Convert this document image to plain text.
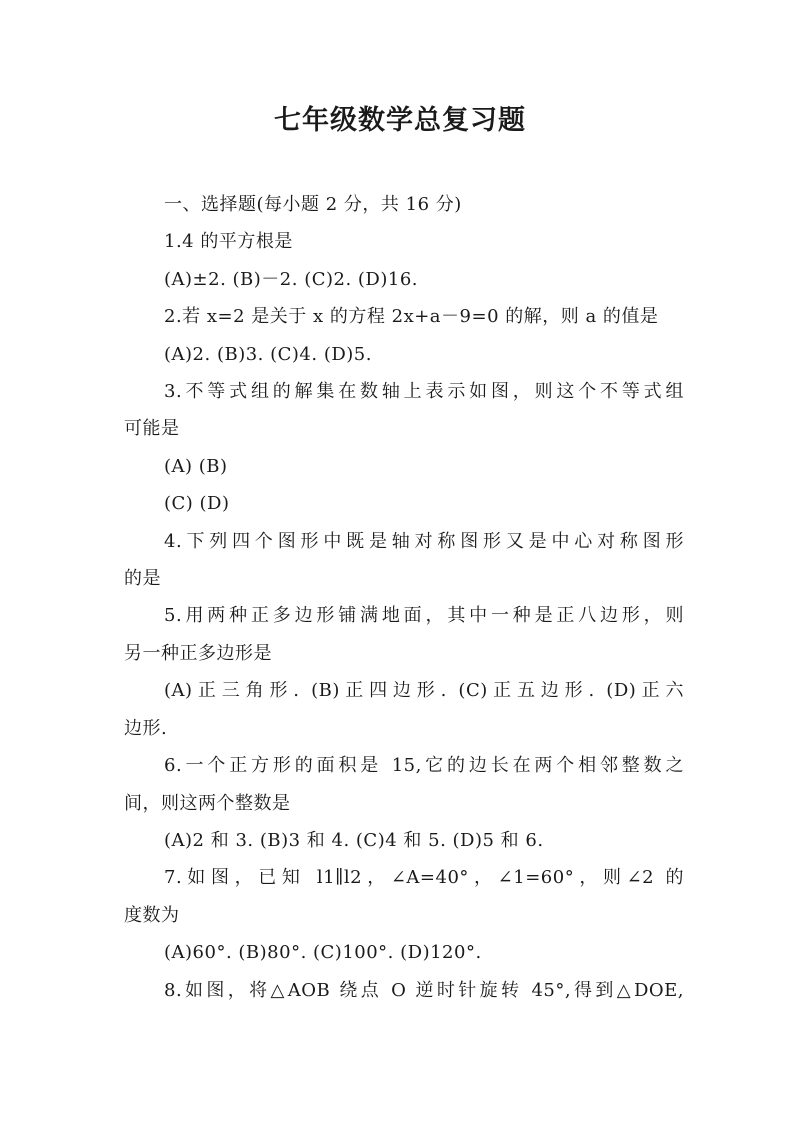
七年级数学总复习题
一、选择题(每小题 2 分，共 16 分)
1.4 的平方根是
(A)±2. (B)－2. (C)2. (D)16.
2.若 x=2 是关于 x 的方程 2x+a－9=0 的解，则 a 的值是
(A)2. (B)3. (C)4. (D)5.
3.不等式组的解集在数轴上表示如图，则这个不等式组
可能是
(A) (B)
(C) (D)
4.下列四个图形中既是轴对称图形又是中心对称图形
的是
5.用两种正多边形铺满地面，其中一种是正八边形，则
另一种正多边形是
(A)正三角形. (B)正四边形. (C)正五边形. (D)正六
边形.
6.一个正方形的面积是 15,它的边长在两个相邻整数之
间，则这两个整数是
(A)2 和 3. (B)3 和 4. (C)4 和 5. (D)5 和 6.
7.如图，已知 l1∥l2，∠A=40°，∠1=60°，则∠2 的
度数为
(A)60°. (B)80°. (C)100°. (D)120°.
8.如图，将△AOB 绕点 O 逆时针旋转 45°,得到△DOE,
